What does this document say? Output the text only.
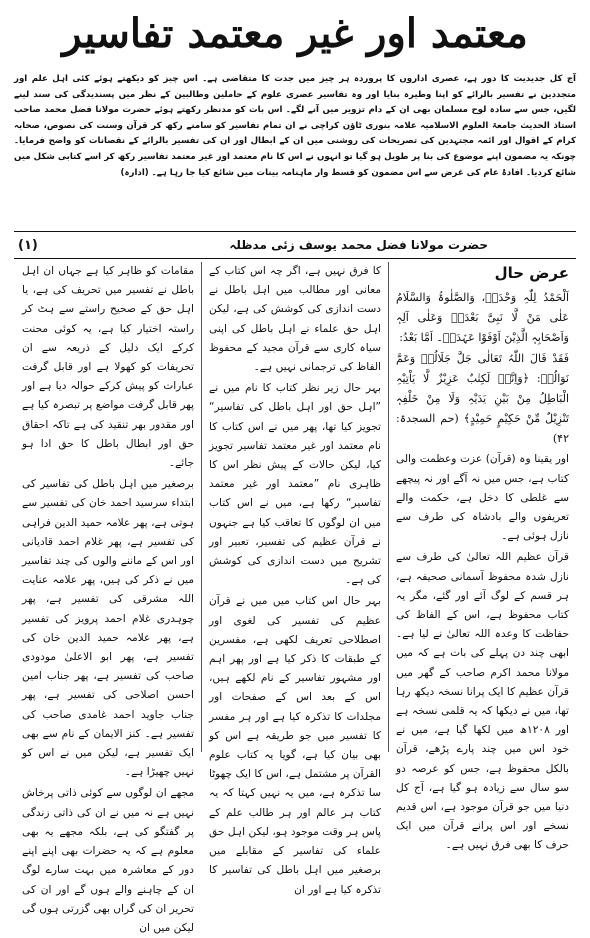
معتمد اور غیر معتمد تفاسیر

آج کل جدیدیت کا دور ہے، عصری اداروں کا پروردہ ہر چیز میں جدت کا متقاضی ہے۔ اس چیز کو دیکھتے ہوئے کئی اہل علم اور متجددین نے تفسیر بالرائے کو اپنا وطیرہ بنایا اور وہ تفاسیر عصری علوم کے حاملین وطالبین کے نظر میں پسندیدگی کی سند لینے لگیں، جس سے سادہ لوح مسلمان بھی ان کے دام تزویر میں آنے لگے۔ اس بات کو مدنظر رکھتے ہوئے حضرت مولانا فضل محمد صاحب استاذ الحدیث جامعۃ العلوم الاسلامیہ علامہ بنوری ٹاؤن کراچی نے ان تمام تفاسیر کو سامنے رکھ کر قرآن وسنت کی نصوص، صحابہ کرام کے اقوال اور ائمہ مجتہدین کی تصریحات کی روشنی میں ان کے ابطال اور ان کی تفسیر بالرائے کے نقصانات کو واضح فرمایا۔ چونکہ یہ مضمون اپنے موضوع کی بنا پر طویل ہو گیا تو انہوں نے اس کا نام معتمد اور غیر معتمد تفاسیر رکھ کر اسے کتابی شکل میں شائع کردیا۔ افادۂ عام کی غرض سے اس مضمون کو قسط وار ماہنامہ بینات میں شائع کیا جا رہا ہے۔ (ادارہ)

حضرت مولانا فضل محمد یوسف زئی مدظلہ
(۱)
عرض حال

اَلْحَمْدُ لِلّٰہِ وَحْدَہٗ، وَالصَّلٰوۃُ وَالسَّلَامُ عَلٰی مَنْ لَّا نَبِیَّ بَعْدَہٗ وَعَلٰی آلِہٖ وَاَصْحَابِہٖ الَّذِیْنَ اَوْفَوْا عَہْدَہٗ۔ اَمَّا بَعْدُ:

فَقَدْ قَالَ اللّٰہُ تَعَالٰی جَلَّ جَلَالُہٗ وَعَمَّ نَوَالُہٗ: ﴿وَاِنَّہٗ لَکِتٰبٌ عَزِیْزٌ لَّا یَاْتِیْہِ الْبَاطِلُ مِنْ بَیْنِ یَدَیْہِ وَلَا مِنْ خَلْفِہٖ تَنْزِیْلٌ مِّنْ حَکِیْمٍ حَمِیْدٍ﴾ (حم السجدۃ: ۴۲)

اور یقینا وہ (قرآن) عزت وعظمت والی کتاب ہے، جس میں نہ آگے اور نہ پیچھے سے غلطی کا دخل ہے، حکمت والے تعریفوں والے بادشاہ کی طرف سے نازل ہوئی ہے۔

قرآن عظیم اللہ تعالیٰ کی طرف سے نازل شدہ محفوظ آسمانی صحیفہ ہے، ہر قسم کے لوگ آئے اور گئے، مگر یہ کتاب محفوظ ہے، اس کے الفاظ کی حفاظت کا وعدہ اللہ تعالیٰ نے لیا ہے۔ ابھی چند دن پہلے کی بات ہے کہ میں مولانا محمد اکرم صاحب کے گھر میں قرآن عظیم کا ایک پرانا نسخہ دیکھ رہا تھا، میں نے دیکھا کہ یہ قلمی نسخہ ہے اور ۱۲۰۸ھ میں لکھا گیا ہے، میں نے خود اس میں چند پارے پڑھے، قرآن بالکل محفوظ ہے، جس کو عرصہ دو سو سال سے زیادہ ہو گیا ہے، آج کل دنیا میں جو قرآن موجود ہے، اس قدیم نسخے اور اس پرانے قرآن میں ایک حرف کا بھی فرق نہیں ہے۔

کا فرق نہیں ہے، اگر چہ اس کتاب کے معانی اور مطالب میں اہل باطل نے دست اندازی کی کوشش کی ہے، لیکن اہل حق علماء نے اہل باطل کی اپنی سیاہ کاری سے قرآن مجید کے محفوظ الفاظ کی ترجمانی نہیں ہے۔

بہر حال زیر نظر کتاب کا نام میں نے ”اہل حق اور اہل باطل کی تفاسیر“ تجویز کیا تھا، پھر میں نے اس کتاب کا نام معتمد اور غیر معتمد تفاسیر تجویز کیا، لیکن حالات کے پیش نظر اس کا ظاہری نام ”معتمد اور غیر معتمد تفاسیر“ رکھا ہے، میں نے اس کتاب میں ان لوگوں کا تعاقب کیا ہے جنہوں نے قرآن عظیم کی تفسیر، تعبیر اور تشریح میں دست اندازی کی کوشش کی ہے۔

بہر حال اس کتاب میں میں نے قرآن عظیم کی تفسیر کی لغوی اور اصطلاحی تعریف لکھی ہے، مفسرین کے طبقات کا ذکر کیا ہے اور پھر اہم اور مشہور تفاسیر کے نام لکھے ہیں، اس کے بعد اس کے صفحات اور مجلدات کا تذکرہ کیا ہے اور ہر مفسر کا تفسیر میں جو طریقہ ہے اس کو بھی بیان کیا ہے، گویا یہ کتاب علوم القرآن پر مشتمل ہے، اس کا ایک چھوٹا سا تذکرہ ہے، میں یہ نہیں کہتا کہ یہ کتاب ہر عالم اور ہر طالب علم کے پاس ہر وقت موجود ہو، لیکن اہل حق علماء کی تفاسیر کے مقابلے میں برصغیر میں اہل باطل کی تفاسیر کا تذکرہ کیا ہے اور ان

مقامات کو ظاہر کیا ہے جہاں ان اہل باطل نے تفسیر میں تحریف کی ہے، یا اہل حق کے صحیح راستے سے ہٹ کر راستہ اختیار کیا ہے، یہ کوئی محنت کرکے ایک دلیل کے ذریعہ سے ان تحریفات کو کھولا ہے اور قابل گرفت عبارات کو پیش کرکے حوالہ دیا ہے اور پھر قابل گرفت مواضع پر تبصرہ کیا ہے اور مقدور بھر تنقید کی ہے تاکہ احقاق حق اور ابطال باطل کا حق ادا ہو جائے۔

برصغیر میں اہل باطل کی تفاسیر کی ابتداء سرسید احمد خان کی تفسیر سے ہوتی ہے، پھر علامہ حمید الدین فراہی کی تفسیر ہے، پھر غلام احمد قادیانی اور اس کے ماننے والوں کی چند تفاسیر میں نے ذکر کی ہیں، پھر علامہ عنایت اللہ مشرقی کی تفسیر ہے، پھر چوہدری غلام احمد پرویز کی تفسیر ہے، پھر علامہ حمید الدین خان کی تفسیر ہے، پھر ابو الاعلیٰ مودودی صاحب کی تفسیر ہے، پھر جناب امین احسن اصلاحی کی تفسیر ہے، پھر جناب جاوید احمد غامدی صاحب کی تفسیر ہے۔ کنز الایمان کے نام سے بھی ایک تفسیر ہے، لیکن میں نے اس کو نہیں چھیڑا ہے۔

مجھے ان لوگوں سے کوئی ذاتی پرخاش نہیں ہے نہ میں نے ان کی ذاتی زندگی پر گفتگو کی ہے، بلکہ مجھے یہ بھی معلوم ہے کہ یہ حضرات بھی اپنے اپنے دور کے معاشرہ میں بہت سارے لوگ ان کے چاہنے والے ہوں گے اور ان کی تحریر ان کی گراں بھی گزرتی ہوں گی لیکن میں ان
